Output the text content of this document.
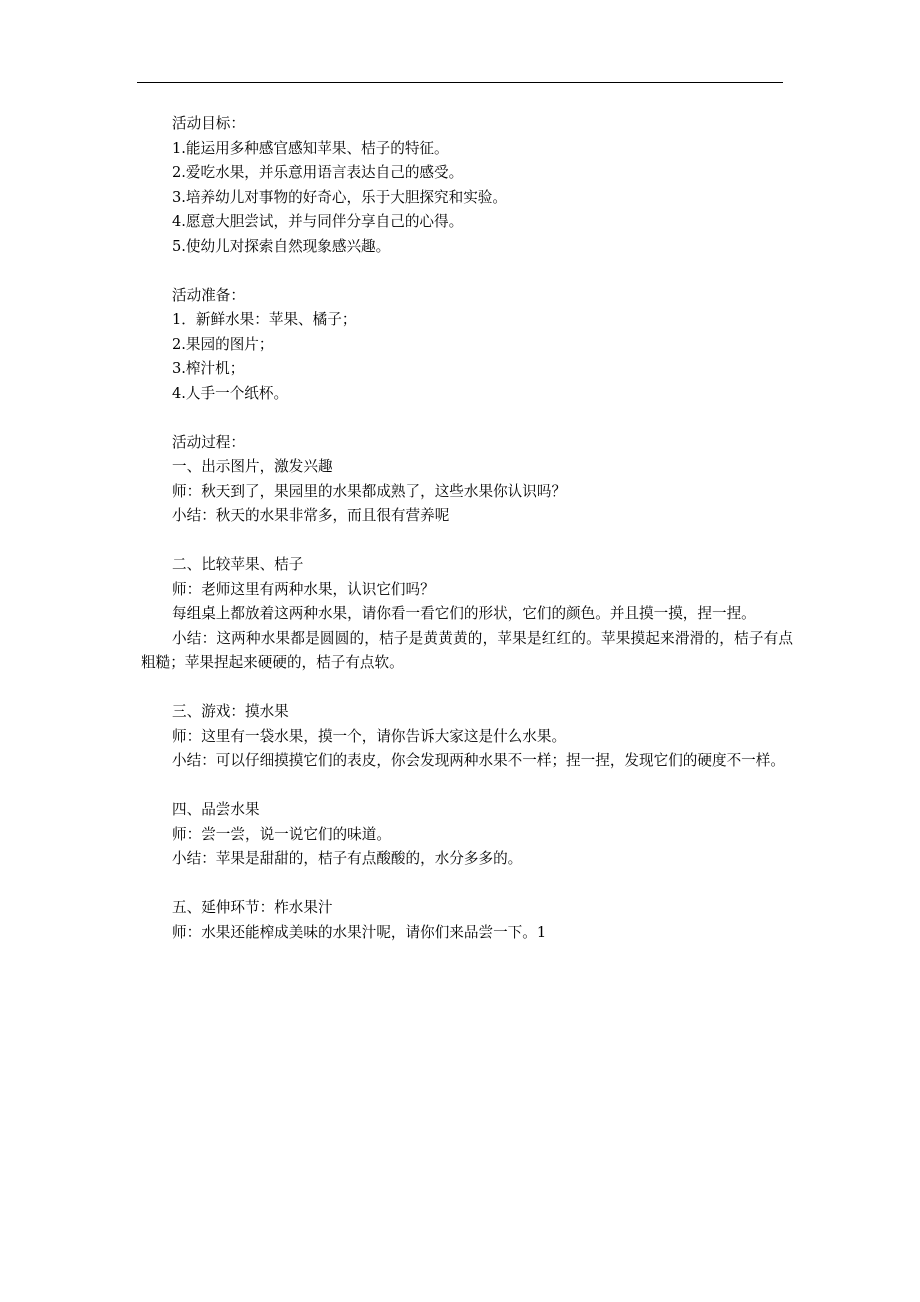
活动目标：
1.能运用多种感官感知苹果、桔子的特征。
2.爱吃水果，并乐意用语言表达自己的感受。
3.培养幼儿对事物的好奇心，乐于大胆探究和实验。
4.愿意大胆尝试，并与同伴分享自己的心得。
5.使幼儿对探索自然现象感兴趣。
活动准备：
1．新鲜水果：苹果、橘子；
2.果园的图片；
3.榨汁机；
4.人手一个纸杯。
活动过程：
一、出示图片，激发兴趣
师：秋天到了，果园里的水果都成熟了，这些水果你认识吗？
小结：秋天的水果非常多，而且很有营养呢
二、比较苹果、桔子
师：老师这里有两种水果，认识它们吗？
每组桌上都放着这两种水果，请你看一看它们的形状，它们的颜色。并且摸一摸，捏一捏。
小结：这两种水果都是圆圆的，桔子是黄黄黄的，苹果是红红的。苹果摸起来滑滑的，桔子有点粗糙；苹果捏起来硬硬的，桔子有点软。
三、游戏：摸水果
师：这里有一袋水果，摸一个，请你告诉大家这是什么水果。
小结：可以仔细摸摸它们的表皮，你会发现两种水果不一样；捏一捏，发现它们的硬度不一样。
四、品尝水果
师：尝一尝，说一说它们的味道。
小结：苹果是甜甜的，桔子有点酸酸的，水分多多的。
五、延伸环节：柞水果汁
师：水果还能榨成美味的水果汁呢，请你们来品尝一下。1
